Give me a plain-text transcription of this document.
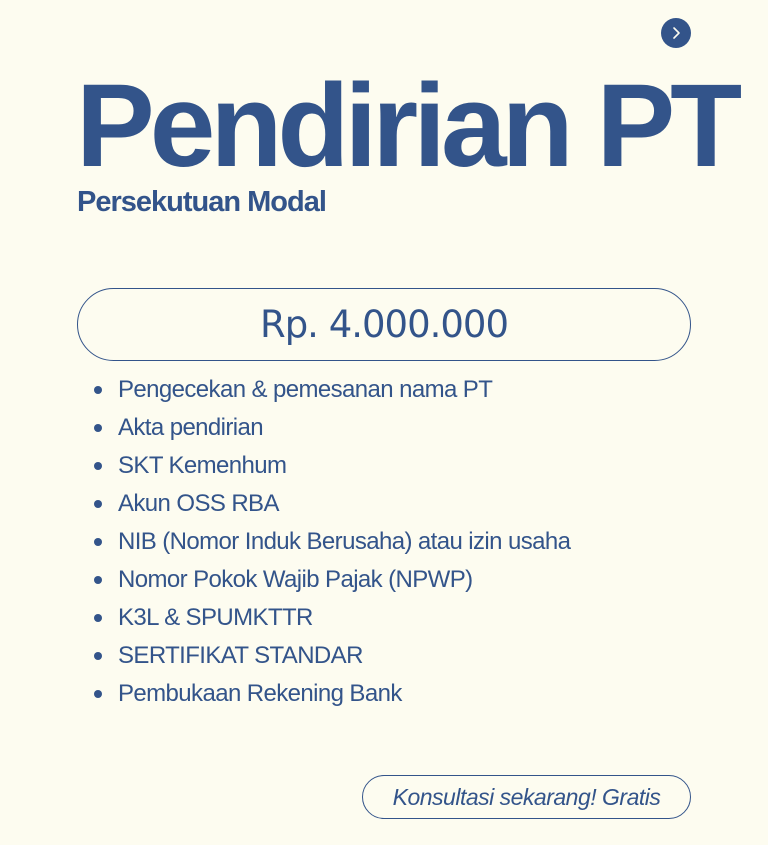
Pendirian PT
Persekutuan Modal
Rp. 4.000.000
Pengecekan & pemesanan nama PT
Akta pendirian
SKT Kemenhum
Akun OSS RBA
NIB (Nomor Induk Berusaha) atau izin usaha
Nomor Pokok Wajib Pajak (NPWP)
K3L & SPUMKTTR
SERTIFIKAT STANDAR
Pembukaan Rekening Bank
Konsultasi sekarang! Gratis
